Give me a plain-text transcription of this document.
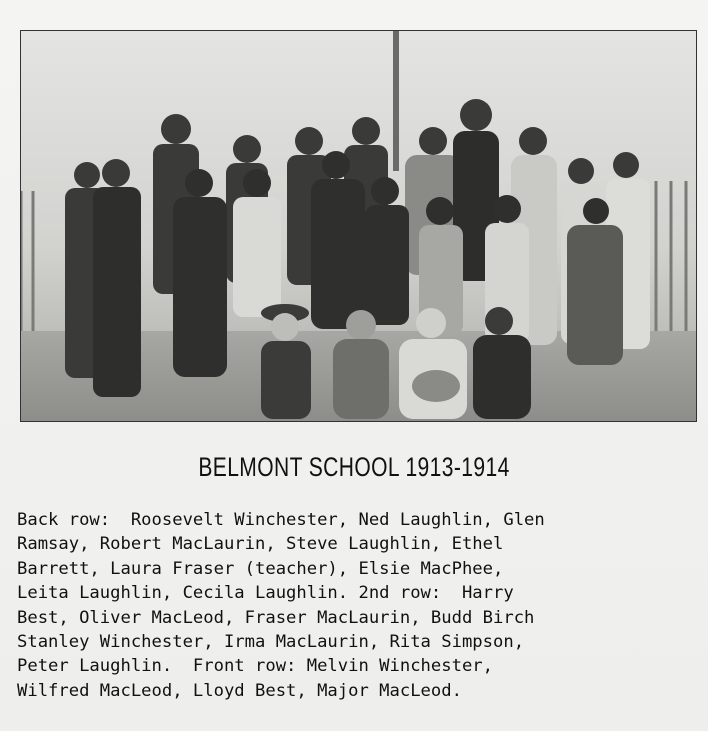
BELMONT SCHOOL 1913-1914
Back row:  Roosevelt Winchester, Ned Laughlin, Glen
Ramsay, Robert MacLaurin, Steve Laughlin, Ethel
Barrett, Laura Fraser (teacher), Elsie MacPhee,
Leita Laughlin, Cecila Laughlin. 2nd row:  Harry
Best, Oliver MacLeod, Fraser MacLaurin, Budd Birch
Stanley Winchester, Irma MacLaurin, Rita Simpson,
Peter Laughlin.  Front row: Melvin Winchester,
Wilfred MacLeod, Lloyd Best, Major MacLeod.
